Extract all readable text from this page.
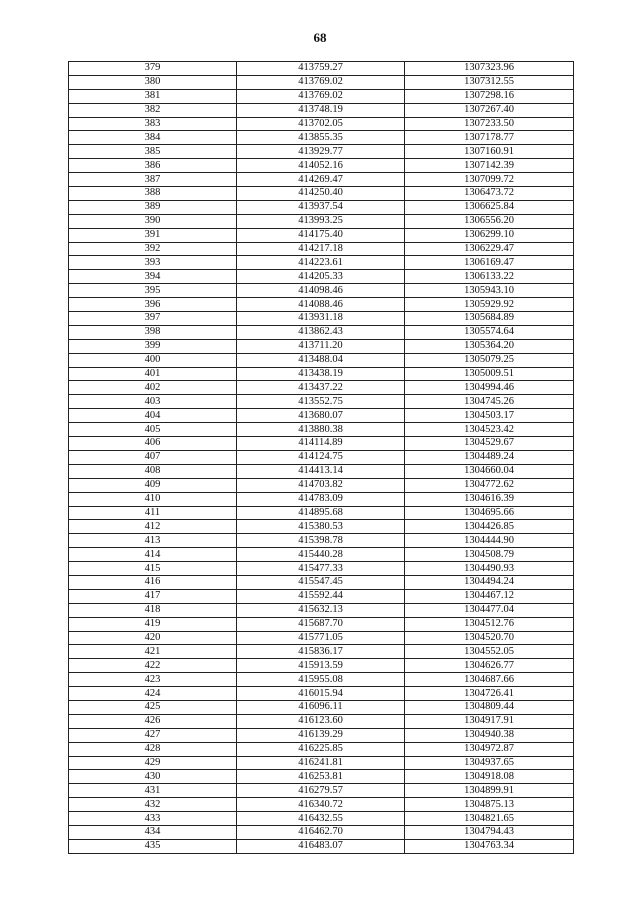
68
379	413759.27	1307323.96
380	413769.02	1307312.55
381	413769.02	1307298.16
382	413748.19	1307267.40
383	413702.05	1307233.50
384	413855.35	1307178.77
385	413929.77	1307160.91
386	414052.16	1307142.39
387	414269.47	1307099.72
388	414250.40	1306473.72
389	413937.54	1306625.84
390	413993.25	1306556.20
391	414175.40	1306299.10
392	414217.18	1306229.47
393	414223.61	1306169.47
394	414205.33	1306133.22
395	414098.46	1305943.10
396	414088.46	1305929.92
397	413931.18	1305684.89
398	413862.43	1305574.64
399	413711.20	1305364.20
400	413488.04	1305079.25
401	413438.19	1305009.51
402	413437.22	1304994.46
403	413552.75	1304745.26
404	413680.07	1304503.17
405	413880.38	1304523.42
406	414114.89	1304529.67
407	414124.75	1304489.24
408	414413.14	1304660.04
409	414703.82	1304772.62
410	414783.09	1304616.39
411	414895.68	1304695.66
412	415380.53	1304426.85
413	415398.78	1304444.90
414	415440.28	1304508.79
415	415477.33	1304490.93
416	415547.45	1304494.24
417	415592.44	1304467.12
418	415632.13	1304477.04
419	415687.70	1304512.76
420	415771.05	1304520.70
421	415836.17	1304552.05
422	415913.59	1304626.77
423	415955.08	1304687.66
424	416015.94	1304726.41
425	416096.11	1304809.44
426	416123.60	1304917.91
427	416139.29	1304940.38
428	416225.85	1304972.87
429	416241.81	1304937.65
430	416253.81	1304918.08
431	416279.57	1304899.91
432	416340.72	1304875.13
433	416432.55	1304821.65
434	416462.70	1304794.43
435	416483.07	1304763.34
